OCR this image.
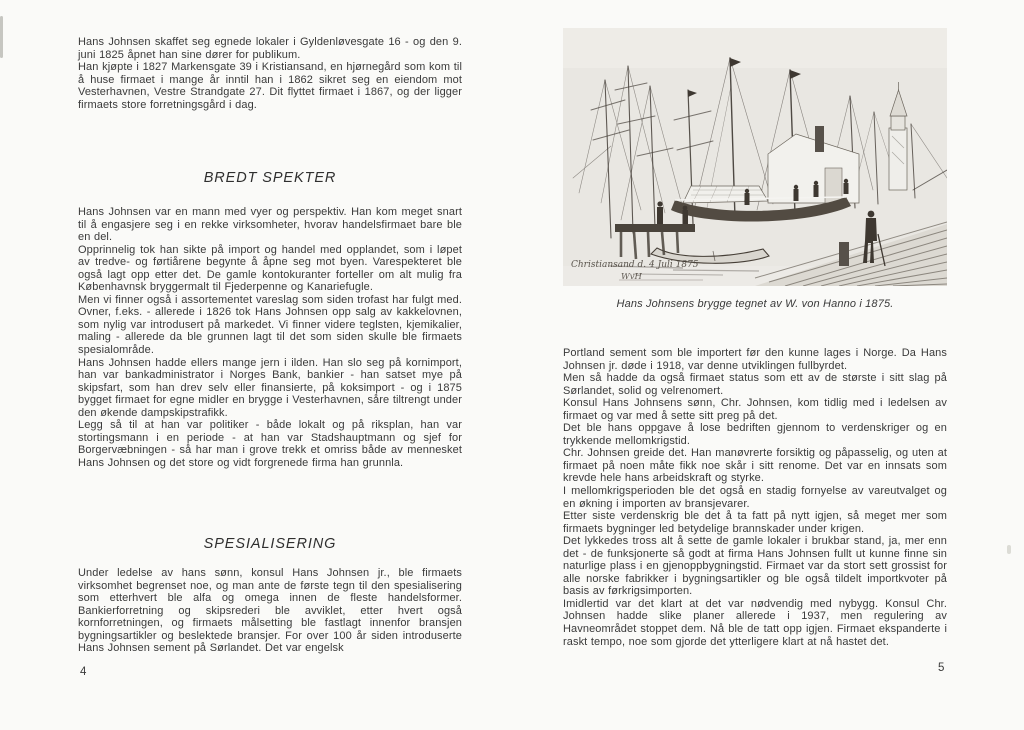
Hans Johnsen skaffet seg egnede lokaler i Gyldenløvesgate 16 - og den 9. juni 1825 åpnet han sine dører for publikum.

Han kjøpte i 1827 Markensgate 39 i Kristiansand, en hjørnegård som kom til å huse firmaet i mange år inntil han i 1862 sikret seg en eiendom mot Vesterhavnen, Vestre Strandgate 27. Dit flyttet firmaet i 1867, og der ligger firmaets store forretningsgård i dag.

BREDT SPEKTER

Hans Johnsen var en mann med vyer og perspektiv. Han kom meget snart til å engasjere seg i en rekke virksomheter, hvorav handelsfirmaet bare ble en del.

Opprinnelig tok han sikte på import og handel med opplandet, som i løpet av tredve- og førtiårene begynte å åpne seg mot byen. Varespekteret ble også lagt opp etter det. De gamle kontokuranter forteller om alt mulig fra Københavnsk bryggermalt til Fjederpenne og Kanariefugle.

Men vi finner også i assortementet vareslag som siden trofast har fulgt med. Ovner, f.eks. - allerede i 1826 tok Hans Johnsen opp salg av kakkelovnen, som nylig var introdusert på markedet. Vi finner videre teglsten, kjemikalier, maling - allerede da ble grunnen lagt til det som siden skulle ble firmaets spesialområde.

Hans Johnsen hadde ellers mange jern i ilden. Han slo seg på kornimport, han var bankadministrator i Norges Bank, bankier - han satset mye på skipsfart, som han drev selv eller finansierte, på koksimport - og i 1875 bygget firmaet for egne midler en brygge i Vesterhavnen, såre tiltrengt under den økende dampskipstrafikk.

Legg så til at han var politiker - både lokalt og på riksplan, han var stortingsmann i en periode - at han var Stadshauptmann og sjef for Borgervæbningen - så har man i grove trekk et omriss både av mennesket Hans Johnsen og det store og vidt forgrenede firma han grunnla.

SPESIALISERING

Under ledelse av hans sønn, konsul Hans Johnsen jr., ble firmaets virksomhet begrenset noe, og man ante de første tegn til den spesialisering som etterhvert ble alfa og omega innen de fleste handelsformer. Bankierforretning og skipsrederi ble avviklet, etter hvert også kornforretningen, og firmaets målsetting ble fastlagt innenfor bransjen bygningsartikler og beslektede bransjer. For over 100 år siden introduserte Hans Johnsen sement på Sørlandet. Det var engelsk

4
Christiansand d. 4 Juli 1875
WvH
Hans Johnsens brygge tegnet av W. von Hanno i 1875.

Portland sement som ble importert før den kunne lages i Norge. Da Hans Johnsen jr. døde i 1918, var denne utviklingen fullbyrdet.

Men så hadde da også firmaet status som ett av de største i sitt slag på Sørlandet, solid og velrenomert.

Konsul Hans Johnsens sønn, Chr. Johnsen, kom tidlig med i ledelsen av firmaet og var med å sette sitt preg på det.

Det ble hans oppgave å lose bedriften gjennom to verdenskriger og en trykkende mellomkrigstid.

Chr. Johnsen greide det. Han manøvrerte forsiktig og påpasselig, og uten at firmaet på noen måte fikk noe skår i sitt renome. Det var en innsats som krevde hele hans arbeidskraft og styrke.

I mellomkrigsperioden ble det også en stadig fornyelse av vareutvalget og en økning i importen av bransjevarer.

Etter siste verdenskrig ble det å ta fatt på nytt igjen, så meget mer som firmaets bygninger led betydelige brannskader under krigen.

Det lykkedes tross alt å sette de gamle lokaler i brukbar stand, ja, mer enn det - de funksjonerte så godt at firma Hans Johnsen fullt ut kunne finne sin naturlige plass i en gjenoppbygningstid. Firmaet var da stort sett grossist for alle norske fabrikker i bygningsartikler og ble også tildelt importkvoter på basis av førkrigsimporten.

Imidlertid var det klart at det var nødvendig med nybygg. Konsul Chr. Johnsen hadde slike planer allerede i 1937, men regulering av Havneområdet stoppet dem. Nå ble de tatt opp igjen. Firmaet ekspanderte i raskt tempo, noe som gjorde det ytterligere klart at nå hastet det.

5
